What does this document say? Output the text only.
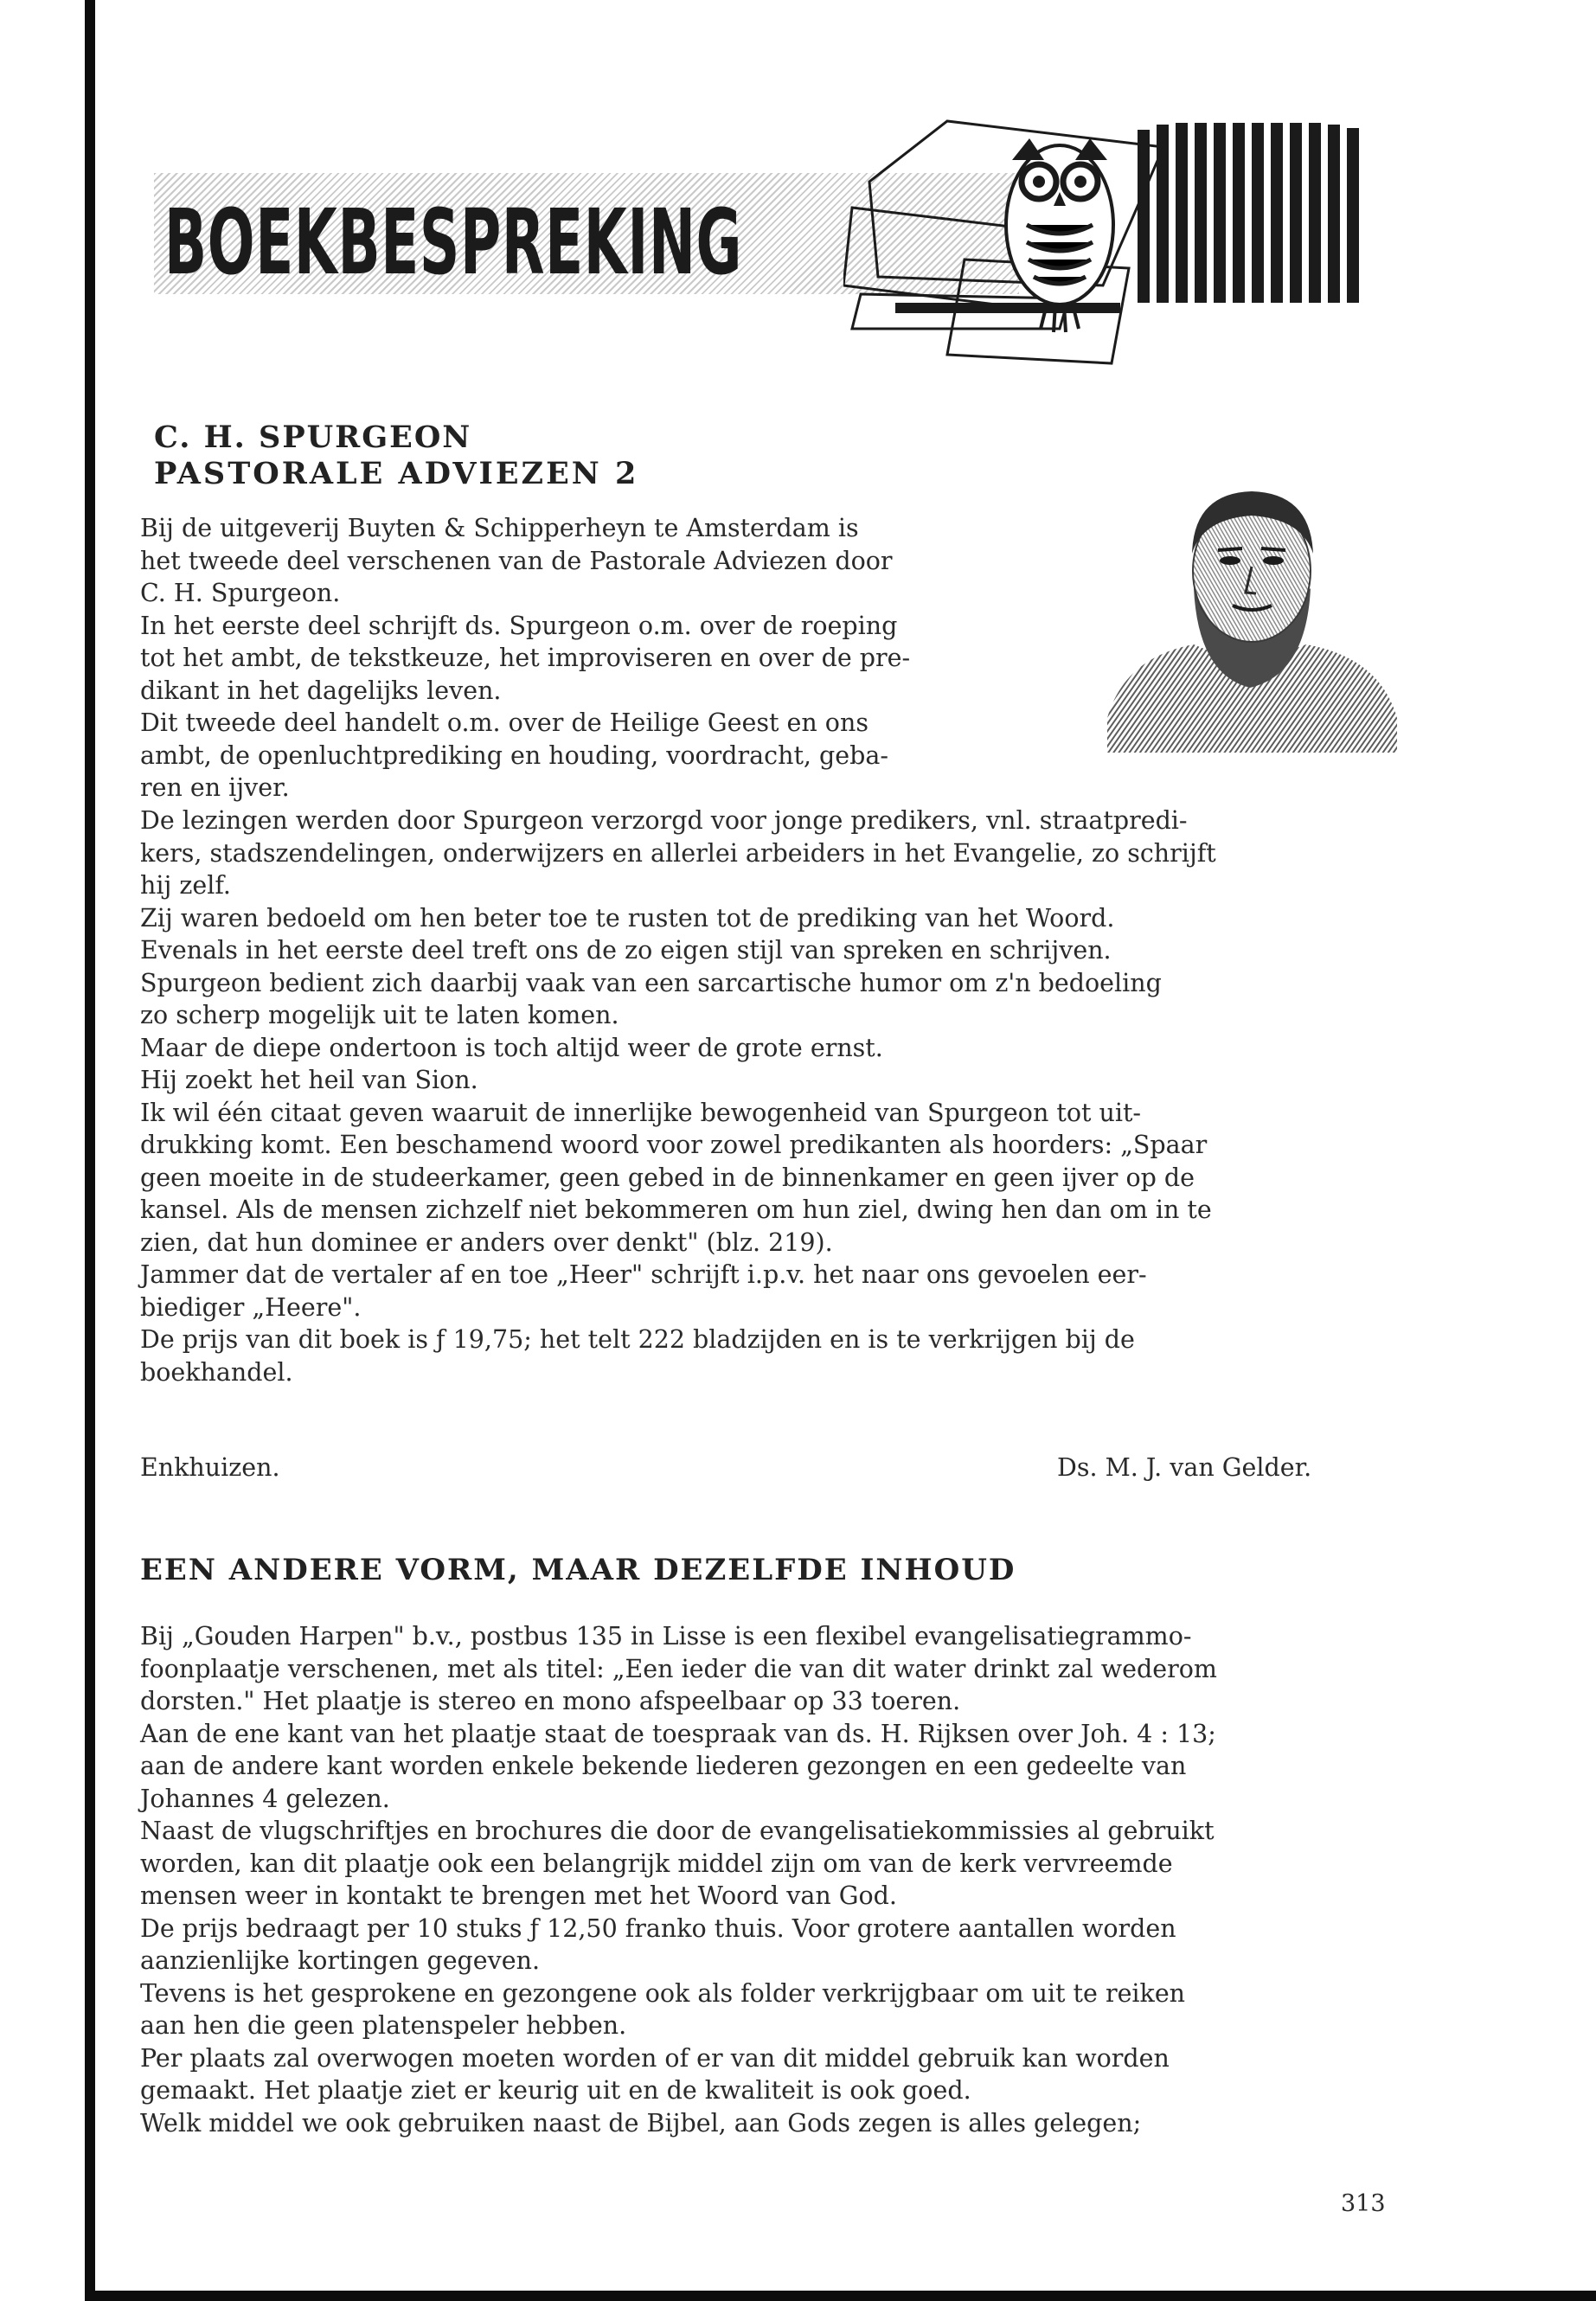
BOEKBESPREKING
C. H. SPURGEON
PASTORALE ADVIEZEN 2

Bij de uitgeverij Buyten & Schipperheyn te Amsterdam is

het tweede deel verschenen van de Pastorale Adviezen door

C. H. Spurgeon.

In het eerste deel schrijft ds. Spurgeon o.m. over de roeping

tot het ambt, de tekstkeuze, het improviseren en over de pre-

dikant in het dagelijks leven.

Dit tweede deel handelt o.m. over de Heilige Geest en ons

ambt, de openluchtprediking en houding, voordracht, geba-

ren en ijver.

De lezingen werden door Spurgeon verzorgd voor jonge predikers, vnl. straatpredi-

kers, stadszendelingen, onderwijzers en allerlei arbeiders in het Evangelie, zo schrijft

hij zelf.

Zij waren bedoeld om hen beter toe te rusten tot de prediking van het Woord.

Evenals in het eerste deel treft ons de zo eigen stijl van spreken en schrijven.

Spurgeon bedient zich daarbij vaak van een sarcartische humor om z'n bedoeling

zo scherp mogelijk uit te laten komen.

Maar de diepe ondertoon is toch altijd weer de grote ernst.

Hij zoekt het heil van Sion.

Ik wil één citaat geven waaruit de innerlijke bewogenheid van Spurgeon tot uit-

drukking komt. Een beschamend woord voor zowel predikanten als hoorders: „Spaar

geen moeite in de studeerkamer, geen gebed in de binnenkamer en geen ijver op de

kansel. Als de mensen zichzelf niet bekommeren om hun ziel, dwing hen dan om in te

zien, dat hun dominee er anders over denkt" (blz. 219).

Jammer dat de vertaler af en toe „Heer" schrijft i.p.v. het naar ons gevoelen eer-

biediger „Heere".

De prijs van dit boek is ƒ 19,75; het telt 222 bladzijden en is te verkrijgen bij de

boekhandel.

Enkhuizen.	Ds. M. J. van Gelder.
EEN ANDERE VORM, MAAR DEZELFDE INHOUD

Bij „Gouden Harpen" b.v., postbus 135 in Lisse is een flexibel evangelisatiegrammo-

foonplaatje verschenen, met als titel: „Een ieder die van dit water drinkt zal wederom

dorsten." Het plaatje is stereo en mono afspeelbaar op 33 toeren.

Aan de ene kant van het plaatje staat de toespraak van ds. H. Rijksen over Joh. 4 : 13;

aan de andere kant worden enkele bekende liederen gezongen en een gedeelte van

Johannes 4 gelezen.

Naast de vlugschriftjes en brochures die door de evangelisatiekommissies al gebruikt

worden, kan dit plaatje ook een belangrijk middel zijn om van de kerk vervreemde

mensen weer in kontakt te brengen met het Woord van God.

De prijs bedraagt per 10 stuks ƒ 12,50 franko thuis. Voor grotere aantallen worden

aanzienlijke kortingen gegeven.

Tevens is het gesprokene en gezongene ook als folder verkrijgbaar om uit te reiken

aan hen die geen platenspeler hebben.

Per plaats zal overwogen moeten worden of er van dit middel gebruik kan worden

gemaakt. Het plaatje ziet er keurig uit en de kwaliteit is ook goed.

Welk middel we ook gebruiken naast de Bijbel, aan Gods zegen is alles gelegen;

313
